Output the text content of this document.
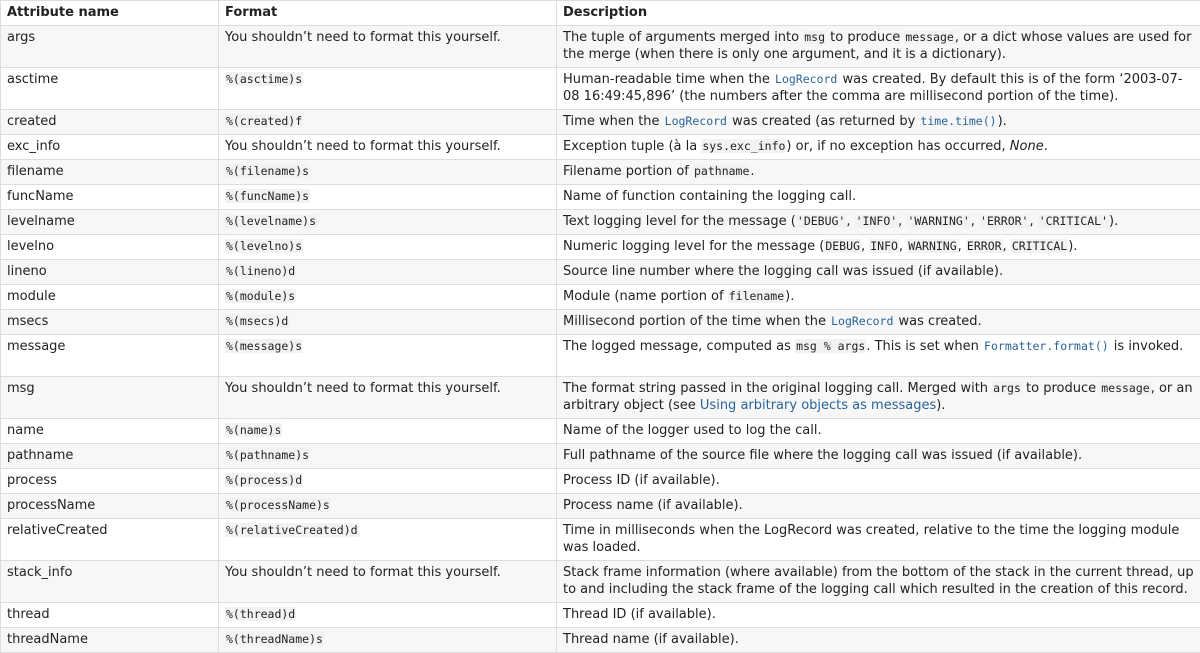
Attribute name	Format	Description
args	You shouldn’t need to format this yourself.	The tuple of arguments merged into msg to produce message, or a dict whose values are used for the merge (when there is only one argument, and it is a dictionary).
asctime	%(asctime)s	Human-readable time when the LogRecord was created. By default this is of the form ‘2003-07-08 16:49:45,896’ (the numbers after the comma are millisecond portion of the time).
created	%(created)f	Time when the LogRecord was created (as returned by time.time()).
exc_info	You shouldn’t need to format this yourself.	Exception tuple (à la sys.exc_info) or, if no exception has occurred, None.
filename	%(filename)s	Filename portion of pathname.
funcName	%(funcName)s	Name of function containing the logging call.
levelname	%(levelname)s	Text logging level for the message ('DEBUG', 'INFO', 'WARNING', 'ERROR', 'CRITICAL').
levelno	%(levelno)s	Numeric logging level for the message (DEBUG, INFO, WARNING, ERROR, CRITICAL).
lineno	%(lineno)d	Source line number where the logging call was issued (if available).
module	%(module)s	Module (name portion of filename).
msecs	%(msecs)d	Millisecond portion of the time when the LogRecord was created.
message	%(message)s	The logged message, computed as msg % args. This is set when Formatter.format() is invoked.
msg	You shouldn’t need to format this yourself.	The format string passed in the original logging call. Merged with args to produce message, or an arbitrary object (see Using arbitrary objects as messages).
name	%(name)s	Name of the logger used to log the call.
pathname	%(pathname)s	Full pathname of the source file where the logging call was issued (if available).
process	%(process)d	Process ID (if available).
processName	%(processName)s	Process name (if available).
relativeCreated	%(relativeCreated)d	Time in milliseconds when the LogRecord was created, relative to the time the logging module was loaded.
stack_info	You shouldn’t need to format this yourself.	Stack frame information (where available) from the bottom of the stack in the current thread, up to and including the stack frame of the logging call which resulted in the creation of this record.
thread	%(thread)d	Thread ID (if available).
threadName	%(threadName)s	Thread name (if available).
